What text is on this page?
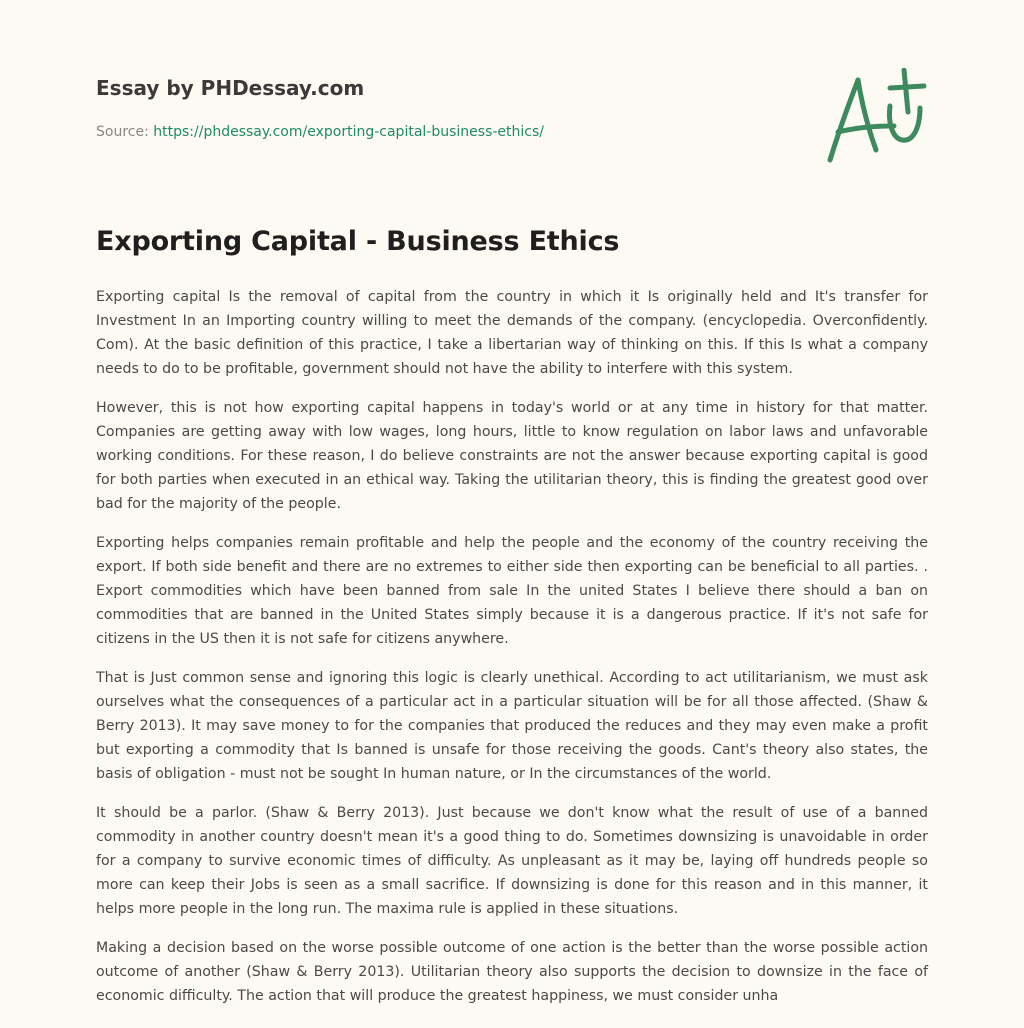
Essay by PHDessay.com
Source: https://phdessay.com/exporting-capital-business-ethics/
Exporting Capital - Business Ethics

Exporting capital Is the removal of capital from the country in which it Is originally held and It's transfer for Investment In an Importing country willing to meet the demands of the company. (encyclopedia. Overconfidently. Com). At the basic definition of this practice, I take a libertarian way of thinking on this. If this Is what a company needs to do to be profitable, government should not have the ability to interfere with this system.

However, this is not how exporting capital happens in today's world or at any time in history for that matter. Companies are getting away with low wages, long hours, little to know regulation on labor laws and unfavorable working conditions. For these reason, I do believe constraints are not the answer because exporting capital is good for both parties when executed in an ethical way. Taking the utilitarian theory, this is finding the greatest good over bad for the majority of the people.

Exporting helps companies remain profitable and help the people and the economy of the country receiving the export. If both side benefit and there are no extremes to either side then exporting can be beneficial to all parties. . Export commodities which have been banned from sale In the united States I believe there should a ban on commodities that are banned in the United States simply because it is a dangerous practice. If it's not safe for citizens in the US then it is not safe for citizens anywhere.

That is Just common sense and ignoring this logic is clearly unethical. According to act utilitarianism, we must ask ourselves what the consequences of a particular act in a particular situation will be for all those affected. (Shaw & Berry 2013). It may save money to for the companies that produced the reduces and they may even make a profit but exporting a commodity that Is banned is unsafe for those receiving the goods. Cant's theory also states, the basis of obligation - must not be sought In human nature, or In the circumstances of the world.

It should be a parlor. (Shaw & Berry 2013). Just because we don't know what the result of use of a banned commodity in another country doesn't mean it's a good thing to do. Sometimes downsizing is unavoidable in order for a company to survive economic times of difficulty. As unpleasant as it may be, laying off hundreds people so more can keep their Jobs is seen as a small sacrifice. If downsizing is done for this reason and in this manner, it helps more people in the long run. The maxima rule is applied in these situations.

Making a decision based on the worse possible outcome of one action is the better than the worse possible action outcome of another (Shaw & Berry 2013). Utilitarian theory also supports the decision to downsize in the face of economic difficulty. The action that will produce the greatest happiness, we must consider unha
